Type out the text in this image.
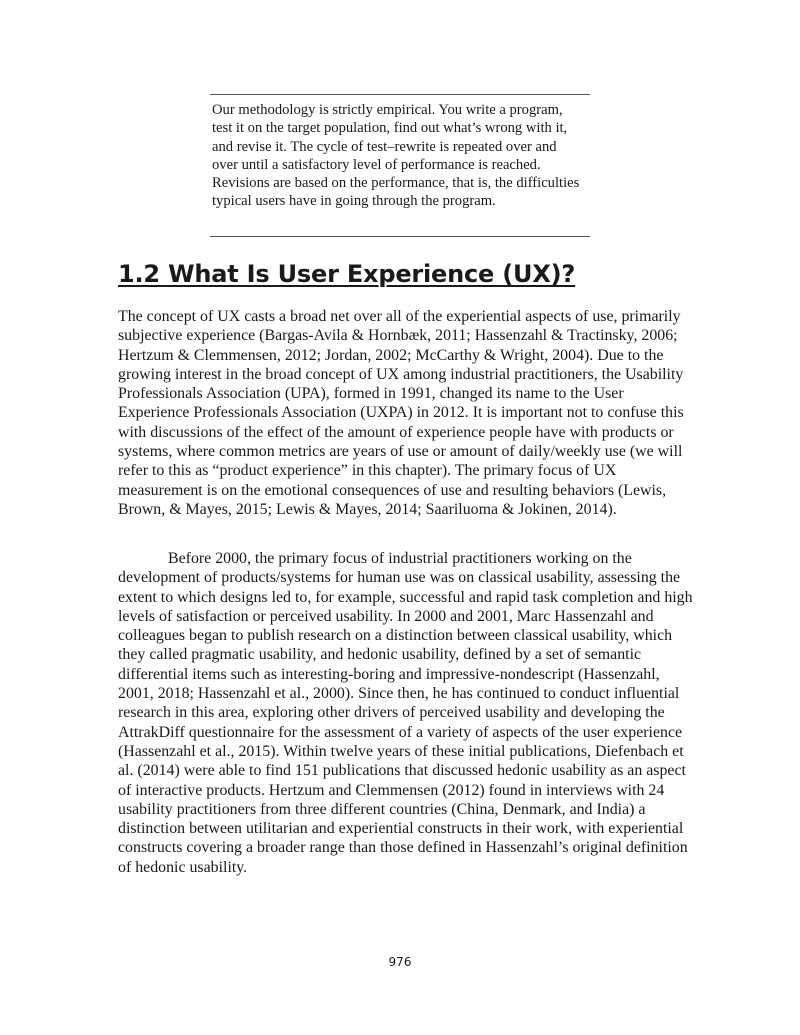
Our methodology is strictly empirical. You write a program, test it on the target population, find out what’s wrong with it, and revise it. The cycle of test–rewrite is repeated over and over until a satisfactory level of performance is reached. Revisions are based on the performance, that is, the difficulties typical users have in going through the program.

1.2 What Is User Experience (UX)?

The concept of UX casts a broad net over all of the experiential aspects of use, primarily subjective experience (Bargas-Avila & Hornbæk, 2011; Hassenzahl & Tractinsky, 2006; Hertzum & Clemmensen, 2012; Jordan, 2002; McCarthy & Wright, 2004). Due to the growing interest in the broad concept of UX among industrial practitioners, the Usability Professionals Association (UPA), formed in 1991, changed its name to the User Experience Professionals Association (UXPA) in 2012. It is important not to confuse this with discussions of the effect of the amount of experience people have with products or systems, where common metrics are years of use or amount of daily/weekly use (we will refer to this as “product experience” in this chapter). The primary focus of UX measurement is on the emotional consequences of use and resulting behaviors (Lewis, Brown, & Mayes, 2015; Lewis & Mayes, 2014; Saariluoma & Jokinen, 2014).

Before 2000, the primary focus of industrial practitioners working on the development of products/systems for human use was on classical usability, assessing the extent to which designs led to, for example, successful and rapid task completion and high levels of satisfaction or perceived usability. In 2000 and 2001, Marc Hassenzahl and colleagues began to publish research on a distinction between classical usability, which they called pragmatic usability, and hedonic usability, defined by a set of semantic differential items such as interesting-boring and impressive-nondescript (Hassenzahl, 2001, 2018; Hassenzahl et al., 2000). Since then, he has continued to conduct influential research in this area, exploring other drivers of perceived usability and developing the AttrakDiff questionnaire for the assessment of a variety of aspects of the user experience (Hassenzahl et al., 2015). Within twelve years of these initial publications, Diefenbach et al. (2014) were able to find 151 publications that discussed hedonic usability as an aspect of interactive products. Hertzum and Clemmensen (2012) found in interviews with 24 usability practitioners from three different countries (China, Denmark, and India) a distinction between utilitarian and experiential constructs in their work, with experiential constructs covering a broader range than those defined in Hassenzahl’s original definition of hedonic usability.

976
